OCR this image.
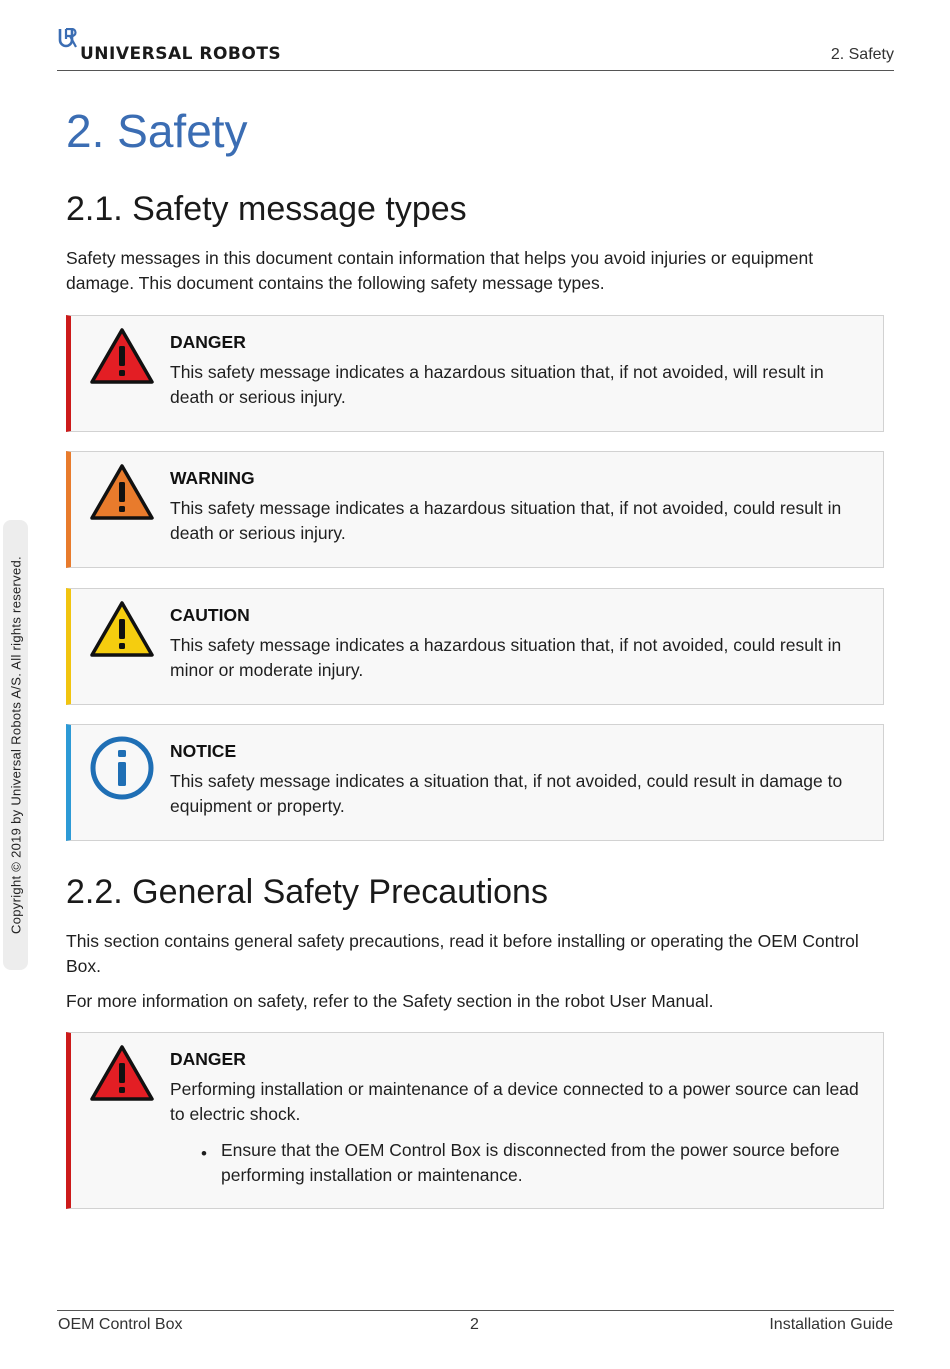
UNIVERSAL ROBOTS	2. Safety
Copyright © 2019 by Universal Robots A/S. All rights reserved.
2. Safety
2.1. Safety message types

Safety messages in this document contain information that helps you avoid injuries or equipment damage. This document contains the following safety message types.

DANGER
This safety message indicates a hazardous situation that, if not avoided, will result in death or serious injury.
WARNING
This safety message indicates a hazardous situation that, if not avoided, could result in death or serious injury.
CAUTION
This safety message indicates a hazardous situation that, if not avoided, could result in minor or moderate injury.
NOTICE
This safety message indicates a situation that, if not avoided, could result in damage to equipment or property.
2.2. General Safety Precautions

This section contains general safety precautions, read it before installing or operating the OEM Control Box.

For more information on safety, refer to the Safety section in the robot User Manual.

DANGER
Performing installation or maintenance of a device connected to a power source can lead to electric shock.
• Ensure that the OEM Control Box is disconnected from the power source before performing installation or maintenance.
OEM Control Box	2	Installation Guide
